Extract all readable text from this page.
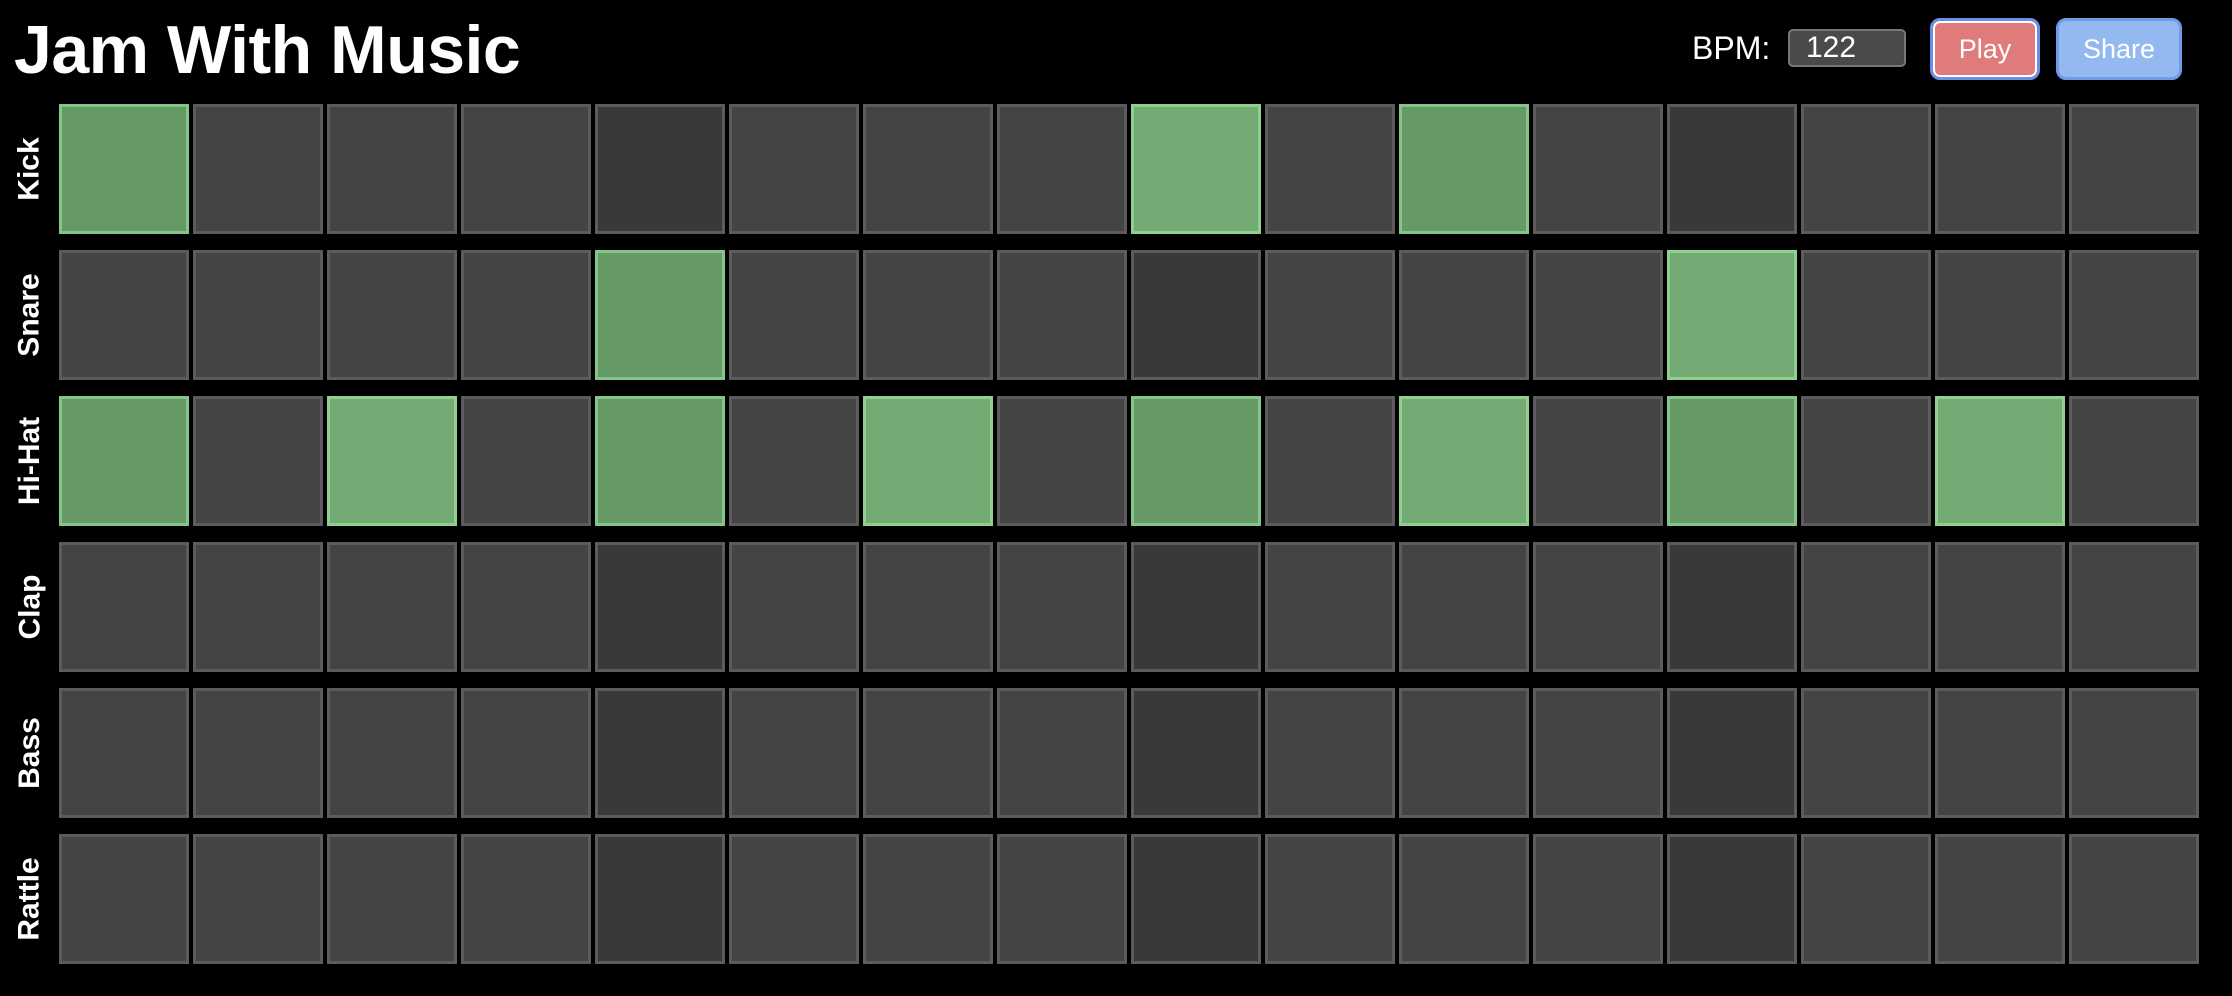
Jam With Music	BPM:
122	Play	Share
Kick
Snare
Hi-Hat
Clap
Bass
Rattle
